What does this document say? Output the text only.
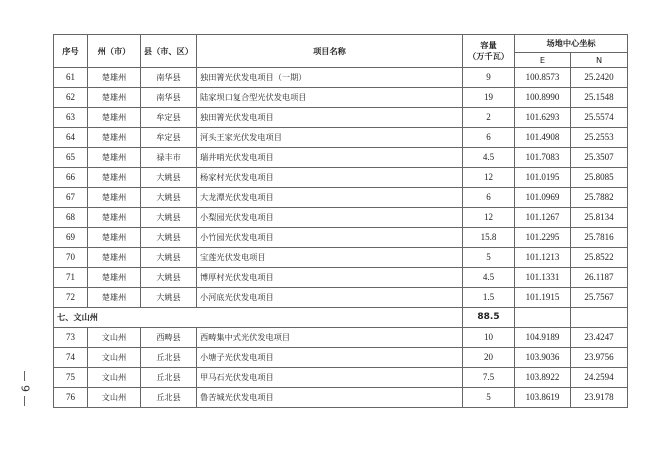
— 9 —
序号	州（市）	县（市、区）	项目名称	容量
（万千瓦）	场地中心坐标	
					E	N
61	楚雄州	南华县	独田箐光伏发电项目（一期）	9	100.8573	25.2420
62	楚雄州	南华县	陆家坝口复合型光伏发电项目	19	100.8990	25.1548
63	楚雄州	牟定县	独田箐光伏发电项目	2	101.6293	25.5574
64	楚雄州	牟定县	河头王家光伏发电项目	6	101.4908	25.2553
65	楚雄州	禄丰市	瑞井哨光伏发电项目	4.5	101.7083	25.3507
66	楚雄州	大姚县	杨家村光伏发电项目	12	101.0195	25.8085
67	楚雄州	大姚县	大龙潭光伏发电项目	6	101.0969	25.7882
68	楚雄州	大姚县	小梨园光伏发电项目	12	101.1267	25.8134
69	楚雄州	大姚县	小竹园光伏发电项目	15.8	101.2295	25.7816
70	楚雄州	大姚县	宝莲光伏发电项目	5	101.1213	25.8522
71	楚雄州	大姚县	博厚村光伏发电项目	4.5	101.1331	26.1187
72	楚雄州	大姚县	小河底光伏发电项目	1.5	101.1915	25.7567
七、文山州				88.5		
73	文山州	西畴县	西畴集中式光伏发电项目	10	104.9189	23.4247
74	文山州	丘北县	小塘子光伏发电项目	20	103.9036	23.9756
75	文山州	丘北县	甲马石光伏发电项目	7.5	103.8922	24.2594
76	文山州	丘北县	鲁苦城光伏发电项目	5	103.8619	23.9178
